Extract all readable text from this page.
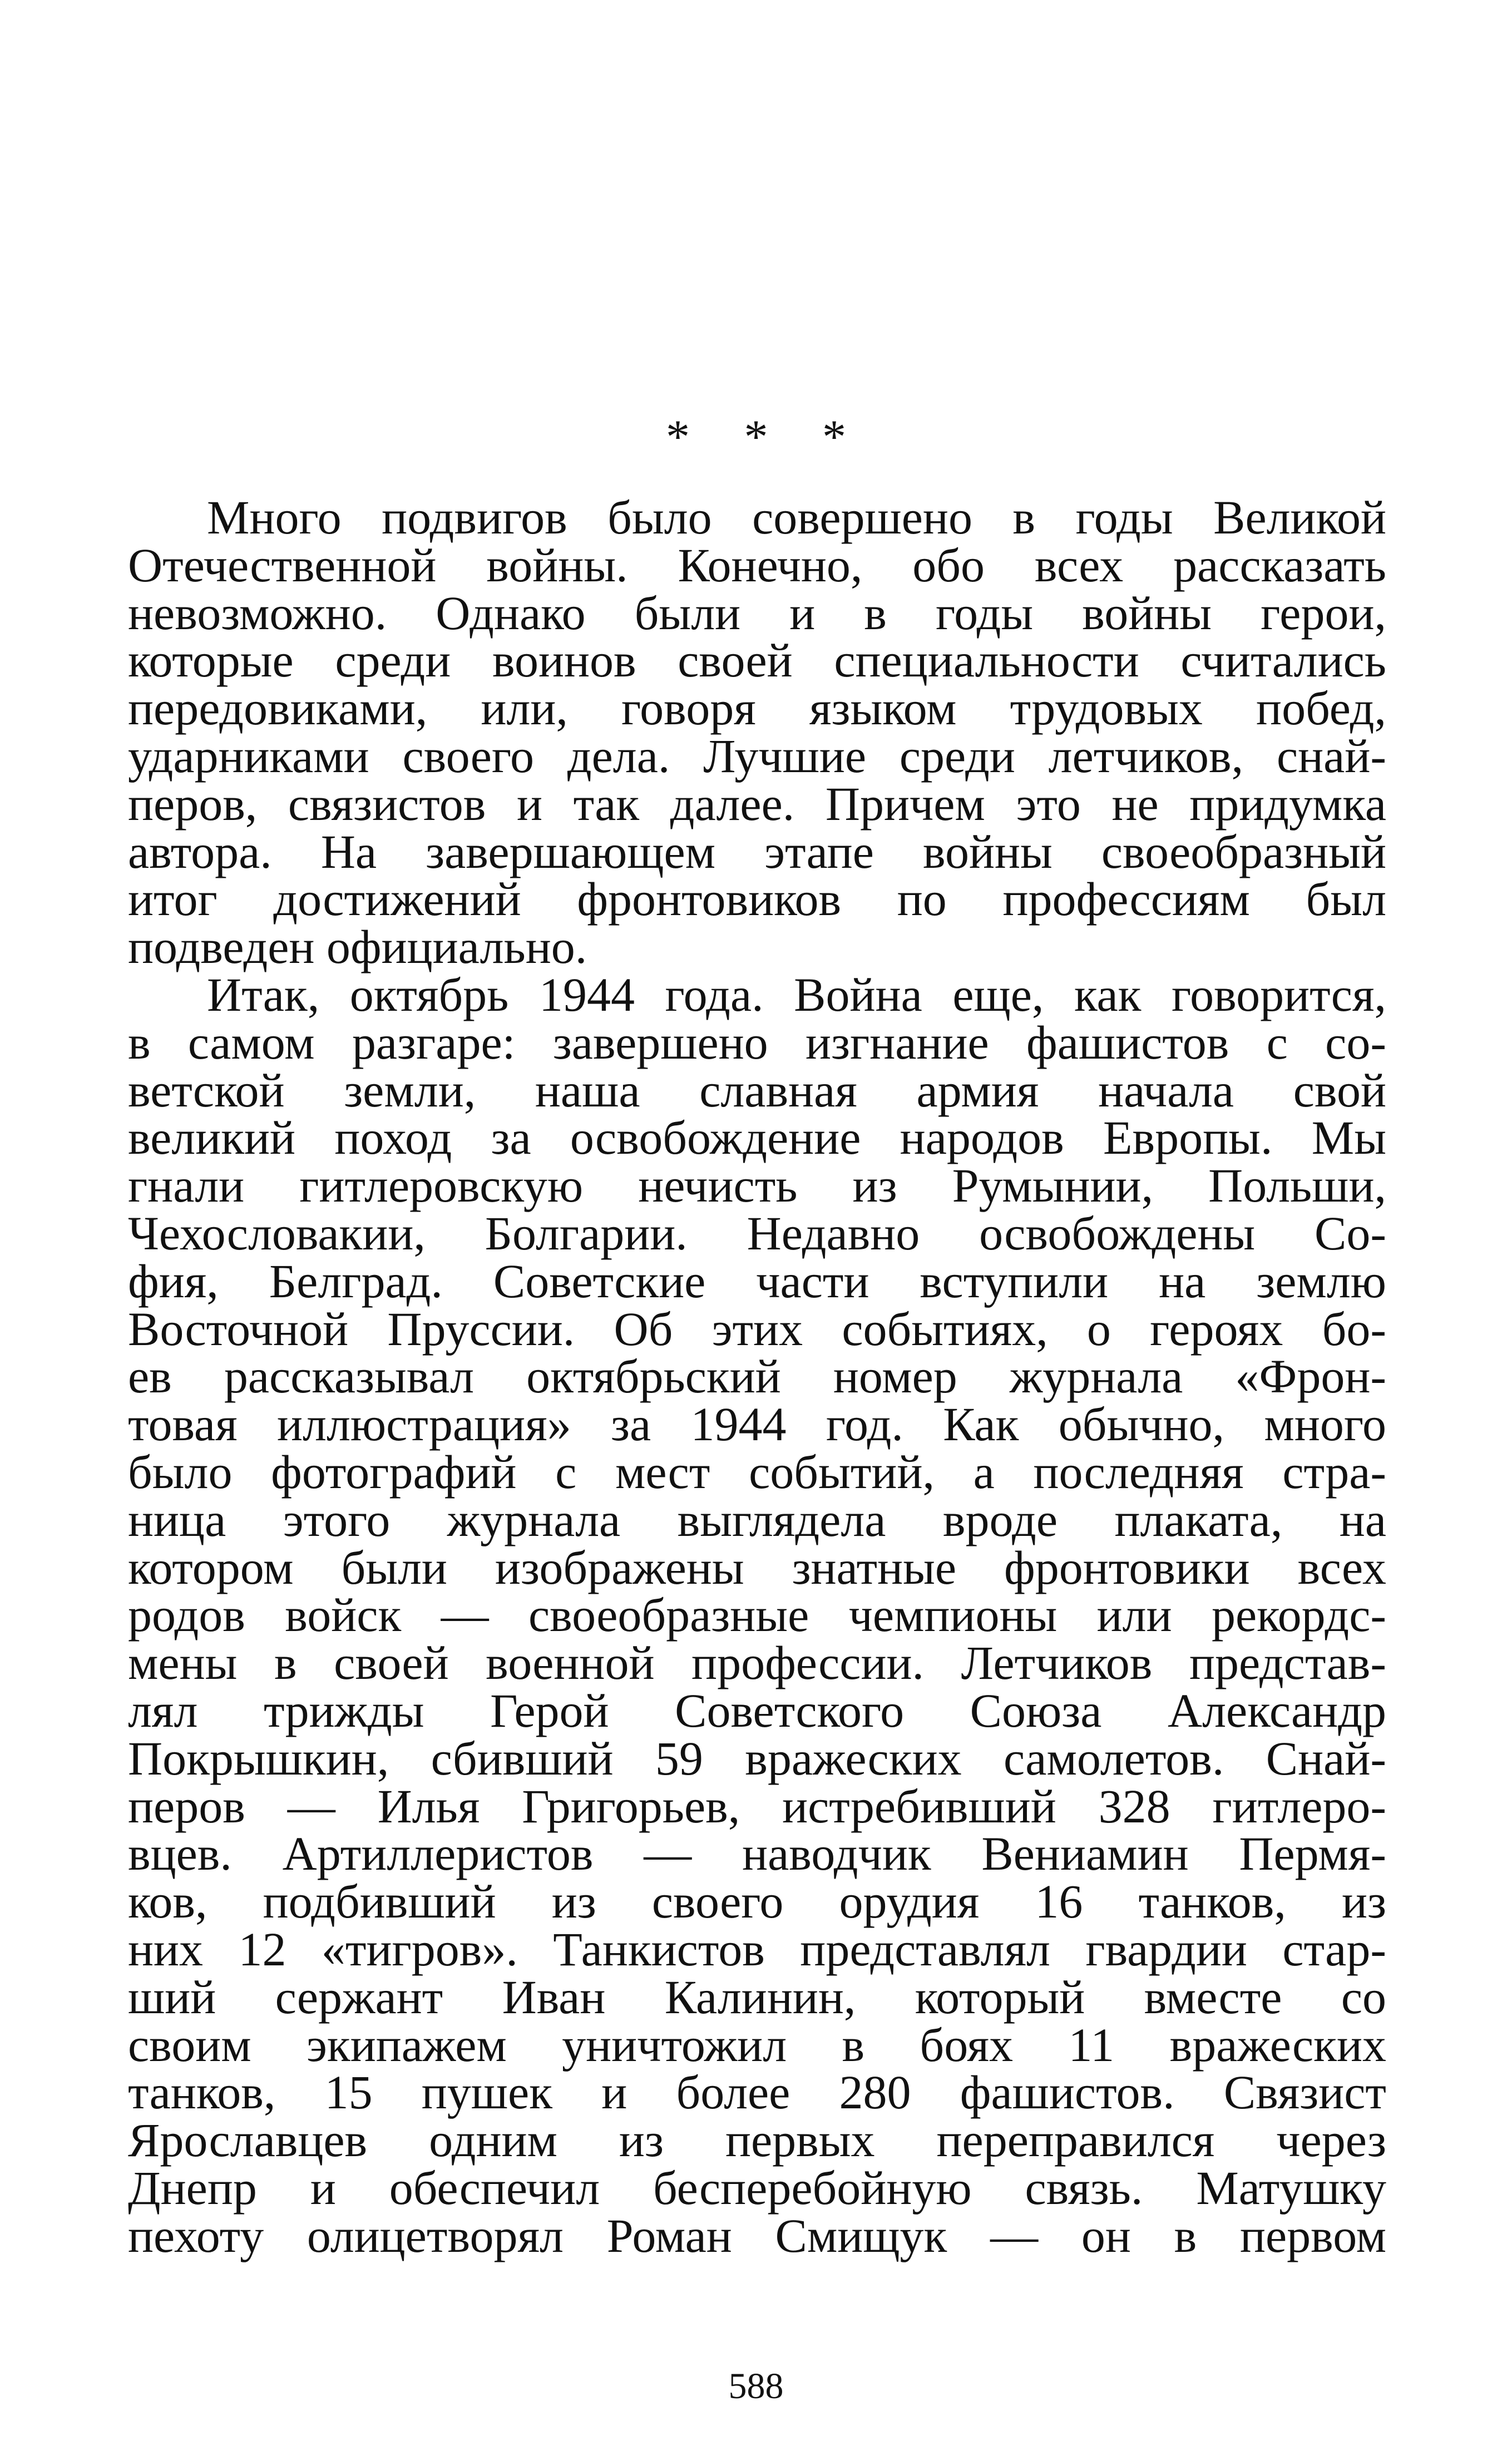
* * *
Много подвигов было совершено в годы Великой
Отечественной войны. Конечно, обо всех рассказать
невозможно. Однако были и в годы войны герои,
которые среди воинов своей специальности считались
передовиками, или, говоря языком трудовых побед,
ударниками своего дела. Лучшие среди летчиков, снай-
перов, связистов и так далее. Причем это не придумка
автора. На завершающем этапе войны своеобразный
итог достижений фронтовиков по профессиям был
подведен официально.
Итак, октябрь 1944 года. Война еще, как говорится,
в самом разгаре: завершено изгнание фашистов с со-
ветской земли, наша славная армия начала свой
великий поход за освобождение народов Европы. Мы
гнали гитлеровскую нечисть из Румынии, Польши,
Чехословакии, Болгарии. Недавно освобождены Со-
фия, Белград. Советские части вступили на землю
Восточной Пруссии. Об этих событиях, о героях бо-
ев рассказывал октябрьский номер журнала «Фрон-
товая иллюстрация» за 1944 год. Как обычно, много
было фотографий с мест событий, а последняя стра-
ница этого журнала выглядела вроде плаката, на
котором были изображены знатные фронтовики всех
родов войск — своеобразные чемпионы или рекордс-
мены в своей военной профессии. Летчиков представ-
лял трижды Герой Советского Союза Александр
Покрышкин, сбивший 59 вражеских самолетов. Снай-
перов — Илья Григорьев, истребивший 328 гитлеро-
вцев. Артиллеристов — наводчик Вениамин Пермя-
ков, подбивший из своего орудия 16 танков, из
них 12 «тигров». Танкистов представлял гвардии стар-
ший сержант Иван Калинин, который вместе со
своим экипажем уничтожил в боях 11 вражеских
танков, 15 пушек и более 280 фашистов. Связист
Ярославцев одним из первых переправился через
Днепр и обеспечил бесперебойную связь. Матушку
пехоту олицетворял Роман Смищук — он в первом
588
